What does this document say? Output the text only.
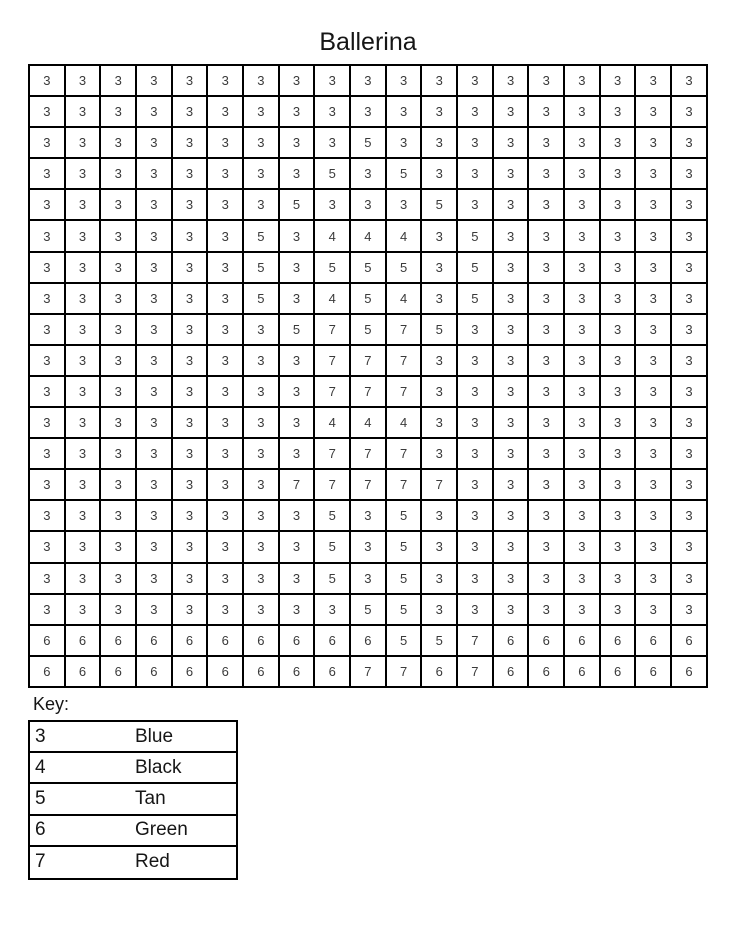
Ballerina
3	3	3	3	3	3	3	3	3	3	3	3	3	3	3	3	3	3	3
3	3	3	3	3	3	3	3	3	3	3	3	3	3	3	3	3	3	3
3	3	3	3	3	3	3	3	3	5	3	3	3	3	3	3	3	3	3
3	3	3	3	3	3	3	3	5	3	5	3	3	3	3	3	3	3	3
3	3	3	3	3	3	3	5	3	3	3	5	3	3	3	3	3	3	3
3	3	3	3	3	3	5	3	4	4	4	3	5	3	3	3	3	3	3
3	3	3	3	3	3	5	3	5	5	5	3	5	3	3	3	3	3	3
3	3	3	3	3	3	5	3	4	5	4	3	5	3	3	3	3	3	3
3	3	3	3	3	3	3	5	7	5	7	5	3	3	3	3	3	3	3
3	3	3	3	3	3	3	3	7	7	7	3	3	3	3	3	3	3	3
3	3	3	3	3	3	3	3	7	7	7	3	3	3	3	3	3	3	3
3	3	3	3	3	3	3	3	4	4	4	3	3	3	3	3	3	3	3
3	3	3	3	3	3	3	3	7	7	7	3	3	3	3	3	3	3	3
3	3	3	3	3	3	3	7	7	7	7	7	3	3	3	3	3	3	3
3	3	3	3	3	3	3	3	5	3	5	3	3	3	3	3	3	3	3
3	3	3	3	3	3	3	3	5	3	5	3	3	3	3	3	3	3	3
3	3	3	3	3	3	3	3	5	3	5	3	3	3	3	3	3	3	3
3	3	3	3	3	3	3	3	3	5	5	3	3	3	3	3	3	3	3
6	6	6	6	6	6	6	6	6	6	5	5	7	6	6	6	6	6	6
6	6	6	6	6	6	6	6	6	7	7	6	7	6	6	6	6	6	6
Key:
3	Blue
4	Black
5	Tan
6	Green
7	Red
